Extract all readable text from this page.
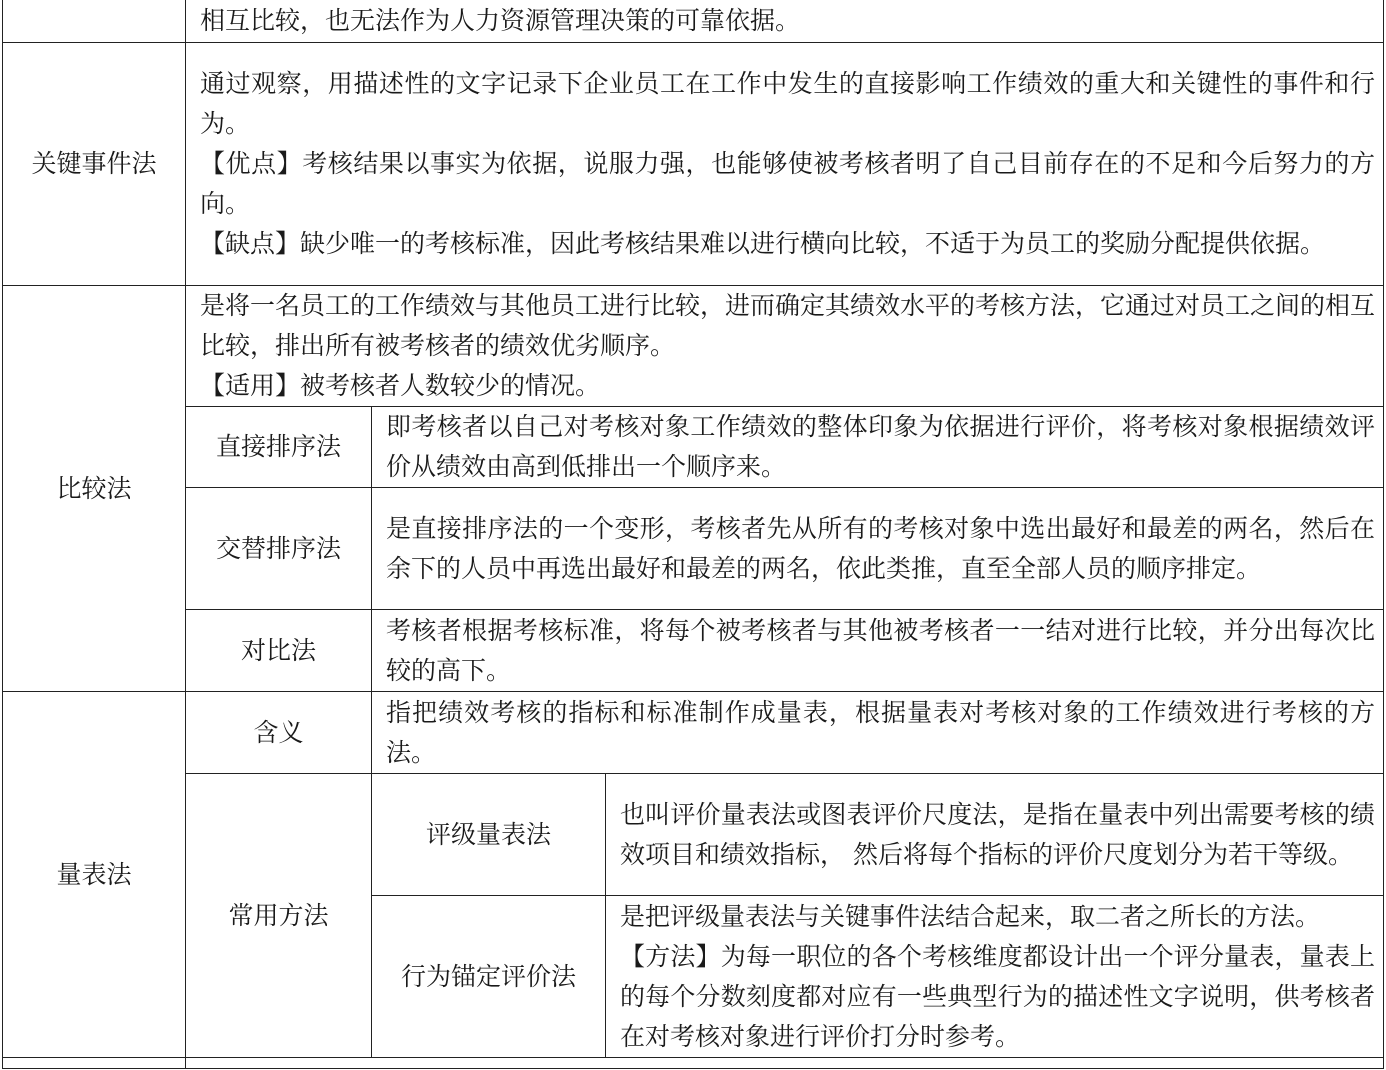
	相互比较，也无法作为人力资源管理决策的可靠依据。		
关键事件法	通过观察，用描述性的文字记录下企业员工在工作中发生的直接影响工作绩效的重大和关键性的事件和行为。
【优点】考核结果以事实为依据，说服力强，也能够使被考核者明了自己目前存在的不足和今后努力的方向。
【缺点】缺少唯一的考核标准，因此考核结果难以进行横向比较，不适于为员工的奖励分配提供依据。		

比较法	是将一名员工的工作绩效与其他员工进行比较，进而确定其绩效水平的考核方法，它通过对员工之间的相互比较，排出所有被考核者的绩效优劣顺序。
【适用】被考核者人数较少的情况。		

	直接排序法	即考核者以自己对考核对象工作绩效的整体印象为依据进行评价，将考核对象根据绩效评价从绩效由高到低排出一个顺序来。	
	交替排序法	是直接排序法的一个变形，考核者先从所有的考核对象中选出最好和最差的两名，然后在余下的人员中再选出最好和最差的两名，依此类推，直至全部人员的顺序排定。	
	对比法	考核者根据考核标准，将每个被考核者与其他被考核者一一结对进行比较，并分出每次比较的高下。	
量表法	含义	指把绩效考核的指标和标准制作成量表，根据量表对考核对象的工作绩效进行考核的方法。	
	常用方法	评级量表法	也叫评价量表法或图表评价尺度法，是指在量表中列出需要考核的绩效项目和绩效指标， 然后将每个指标的评价尺度划分为若干等级。
		行为锚定评价法	是把评级量表法与关键事件法结合起来，取二者之所长的方法。
【方法】为每一职位的各个考核维度都设计出一个评分量表，量表上的每个分数刻度都对应有一些典型行为的描述性文字说明，供考核者在对考核对象进行评价打分时参考。
